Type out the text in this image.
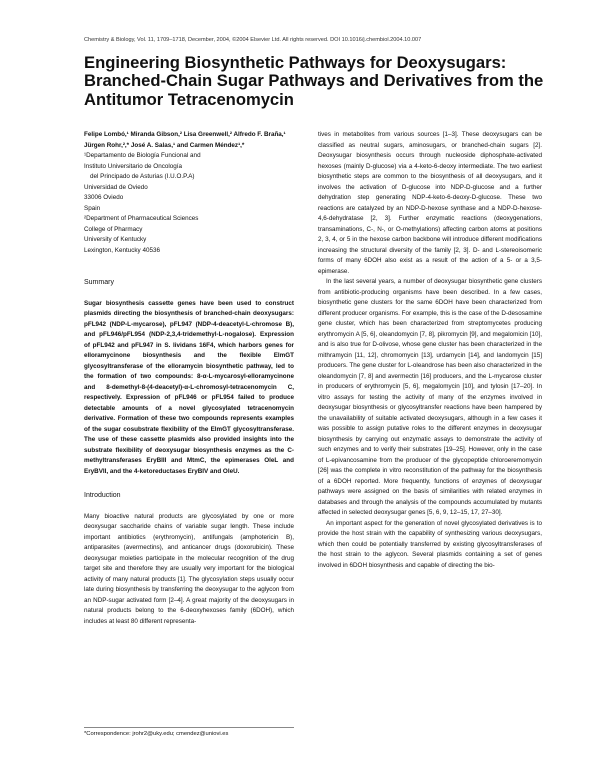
Chemistry & Biology, Vol. 11, 1709–1718, December, 2004, ©2004 Elsevier Ltd. All rights reserved. DOI 10.1016/j.chembiol.2004.10.007
Engineering Biosynthetic Pathways for Deoxysugars: Branched-Chain Sugar Pathways and Derivatives from the Antitumor Tetracenomycin

Felipe Lombó,¹ Miranda Gibson,² Lisa Greenwell,² Alfredo F. Braña,¹ Jürgen Rohr,²,* José A. Salas,¹ and Carmen Méndez¹,*

¹Departamento de Biología Funcional and

Instituto Universitario de Oncología

del Principado de Asturias (I.U.O.P.A)

Universidad de Oviedo

33006 Oviedo

Spain

²Department of Pharmaceutical Sciences

College of Pharmacy

University of Kentucky

Lexington, Kentucky 40536

Summary

Sugar biosynthesis cassette genes have been used to construct plasmids directing the biosynthesis of branched-chain deoxysugars: pFL942 (NDP-L-mycarose), pFL947 (NDP-4-deacetyl-L-chromose B), and pFL946/pFL954 (NDP-2,3,4-tridemethyl-L-nogalose). Expression of pFL942 and pFL947 in S. lividans 16F4, which harbors genes for elloramycinone biosynthesis and the flexible ElmGT glycosyltransferase of the elloramycin biosynthetic pathway, led to the formation of two compounds: 8-α-L-mycarosyl-elloramycinone and 8-demethyl-8-(4-deacetyl)-α-L-chromosyl-tetracenomycin C, respectively. Expression of pFL946 or pFL954 failed to produce detectable amounts of a novel glycosylated tetracenomycin derivative. Formation of these two compounds represents examples of the sugar cosubstrate flexibility of the ElmGT glycosyltransferase. The use of these cassette plasmids also provided insights into the substrate flexibility of deoxysugar biosynthesis enzymes as the C-methyltransferases EryBIII and MtmC, the epimerases OleL and EryBVII, and the 4-ketoreductases EryBIV and OleU.

Introduction

Many bioactive natural products are glycosylated by one or more deoxysugar saccharide chains of variable sugar length. These include important antibiotics (erythromycin), antifungals (amphotericin B), antiparasites (avermectins), and anticancer drugs (doxorubicin). These deoxysugar moieties participate in the molecular recognition of the drug target site and therefore they are usually very important for the biological activity of many natural products [1]. The glycosylation steps usually occur late during biosynthesis by transferring the deoxysugar to the aglycon from an NDP-sugar activated form [2–4]. A great majority of the deoxysugars in natural products belong to the 6-deoxyhexoses family (6DOH), which includes at least 80 different representa-

tives in metabolites from various sources [1–3]. These deoxysugars can be classified as neutral sugars, aminosugars, or branched-chain sugars [2]. Deoxysugar biosynthesis occurs through nucleoside diphosphate-activated hexoses (mainly D-glucose) via a 4-keto-6-deoxy intermediate. The two earliest biosynthetic steps are common to the biosynthesis of all deoxysugars, and it involves the activation of D-glucose into NDP-D-glucose and a further dehydration step generating NDP-4-keto-6-deoxy-D-glucose. These two reactions are catalyzed by an NDP-D-hexose synthase and a NDP-D-hexose-4,6-dehydratase [2, 3]. Further enzymatic reactions (deoxygenations, transaminations, C-, N-, or O-methylations) affecting carbon atoms at positions 2, 3, 4, or 5 in the hexose carbon backbone will introduce different modifications increasing the structural diversity of the family [2, 3]. D- and L-stereoisomeric forms of many 6DOH also exist as a result of the action of a 5- or a 3,5-epimerase.

In the last several years, a number of deoxysugar biosynthetic gene clusters from antibiotic-producing organisms have been described. In a few cases, biosynthetic gene clusters for the same 6DOH have been characterized from different producer organisms. For example, this is the case of the D-desosamine gene cluster, which has been characterized from streptomycetes producing erythromycin A [5, 6], oleandomycin [7, 8], pikromycin [9], and megalomicin [10], and is also true for D-olivose, whose gene cluster has been characterized in the mithramycin [11, 12], chromomycin [13], urdamycin [14], and landomycin [15] producers. The gene cluster for L-oleandrose has been also characterized in the oleandomycin [7, 8] and avermectin [16] producers, and the L-mycarose cluster in producers of erythromycin [5, 6], megalomycin [10], and tylosin [17–20]. In vitro assays for testing the activity of many of the enzymes involved in deoxysugar biosynthesis or glycosyltransfer reactions have been hampered by the unavailability of suitable activated deoxysugars, although in a few cases it was possible to assign putative roles to the different enzymes in deoxysugar biosynthesis by carrying out enzymatic assays to demonstrate the activity of such enzymes and to verify their substrates [19–25]. However, only in the case of L-epivancosamine from the producer of the glycopeptide chloroeremomycin [26] was the complete in vitro reconstitution of the pathway for the biosynthesis of a 6DOH reported. More frequently, functions of enzymes of deoxysugar pathways were assigned on the basis of similarities with related enzymes in databases and through the analysis of the compounds accumulated by mutants affected in selected deoxysugar genes [5, 6, 9, 12–15, 17, 27–30].

An important aspect for the generation of novel glycosylated derivatives is to provide the host strain with the capability of synthesizing various deoxysugars, which then could be potentially transferred by existing glycosyltransferases of the host strain to the aglycon. Several plasmids containing a set of genes involved in 6DOH biosynthesis and capable of directing the bio-

*Correspondence: jrohr2@uky.edu; cmendez@uniovi.es
